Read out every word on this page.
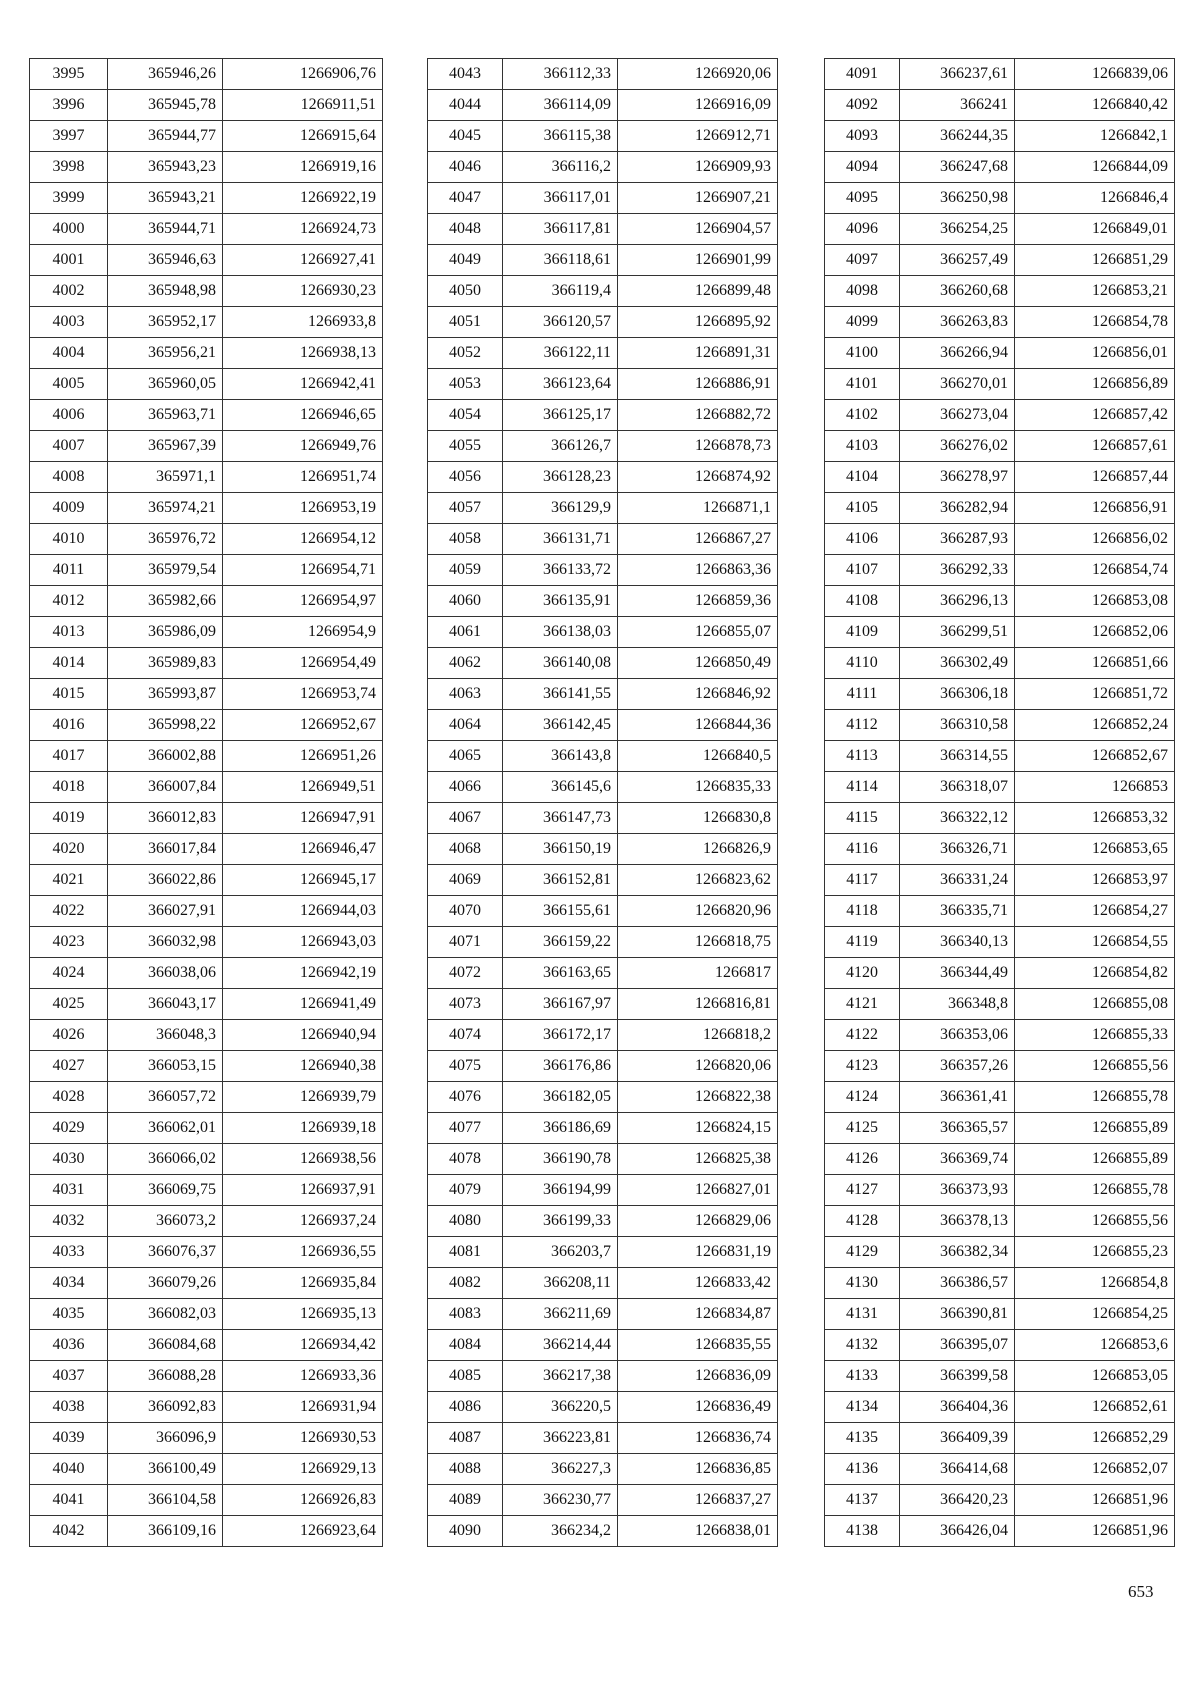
3995	365946,26	1266906,76
3996	365945,78	1266911,51
3997	365944,77	1266915,64
3998	365943,23	1266919,16
3999	365943,21	1266922,19
4000	365944,71	1266924,73
4001	365946,63	1266927,41
4002	365948,98	1266930,23
4003	365952,17	1266933,8
4004	365956,21	1266938,13
4005	365960,05	1266942,41
4006	365963,71	1266946,65
4007	365967,39	1266949,76
4008	365971,1	1266951,74
4009	365974,21	1266953,19
4010	365976,72	1266954,12
4011	365979,54	1266954,71
4012	365982,66	1266954,97
4013	365986,09	1266954,9
4014	365989,83	1266954,49
4015	365993,87	1266953,74
4016	365998,22	1266952,67
4017	366002,88	1266951,26
4018	366007,84	1266949,51
4019	366012,83	1266947,91
4020	366017,84	1266946,47
4021	366022,86	1266945,17
4022	366027,91	1266944,03
4023	366032,98	1266943,03
4024	366038,06	1266942,19
4025	366043,17	1266941,49
4026	366048,3	1266940,94
4027	366053,15	1266940,38
4028	366057,72	1266939,79
4029	366062,01	1266939,18
4030	366066,02	1266938,56
4031	366069,75	1266937,91
4032	366073,2	1266937,24
4033	366076,37	1266936,55
4034	366079,26	1266935,84
4035	366082,03	1266935,13
4036	366084,68	1266934,42
4037	366088,28	1266933,36
4038	366092,83	1266931,94
4039	366096,9	1266930,53
4040	366100,49	1266929,13
4041	366104,58	1266926,83
4042	366109,16	1266923,64
4043	366112,33	1266920,06
4044	366114,09	1266916,09
4045	366115,38	1266912,71
4046	366116,2	1266909,93
4047	366117,01	1266907,21
4048	366117,81	1266904,57
4049	366118,61	1266901,99
4050	366119,4	1266899,48
4051	366120,57	1266895,92
4052	366122,11	1266891,31
4053	366123,64	1266886,91
4054	366125,17	1266882,72
4055	366126,7	1266878,73
4056	366128,23	1266874,92
4057	366129,9	1266871,1
4058	366131,71	1266867,27
4059	366133,72	1266863,36
4060	366135,91	1266859,36
4061	366138,03	1266855,07
4062	366140,08	1266850,49
4063	366141,55	1266846,92
4064	366142,45	1266844,36
4065	366143,8	1266840,5
4066	366145,6	1266835,33
4067	366147,73	1266830,8
4068	366150,19	1266826,9
4069	366152,81	1266823,62
4070	366155,61	1266820,96
4071	366159,22	1266818,75
4072	366163,65	1266817
4073	366167,97	1266816,81
4074	366172,17	1266818,2
4075	366176,86	1266820,06
4076	366182,05	1266822,38
4077	366186,69	1266824,15
4078	366190,78	1266825,38
4079	366194,99	1266827,01
4080	366199,33	1266829,06
4081	366203,7	1266831,19
4082	366208,11	1266833,42
4083	366211,69	1266834,87
4084	366214,44	1266835,55
4085	366217,38	1266836,09
4086	366220,5	1266836,49
4087	366223,81	1266836,74
4088	366227,3	1266836,85
4089	366230,77	1266837,27
4090	366234,2	1266838,01
4091	366237,61	1266839,06
4092	366241	1266840,42
4093	366244,35	1266842,1
4094	366247,68	1266844,09
4095	366250,98	1266846,4
4096	366254,25	1266849,01
4097	366257,49	1266851,29
4098	366260,68	1266853,21
4099	366263,83	1266854,78
4100	366266,94	1266856,01
4101	366270,01	1266856,89
4102	366273,04	1266857,42
4103	366276,02	1266857,61
4104	366278,97	1266857,44
4105	366282,94	1266856,91
4106	366287,93	1266856,02
4107	366292,33	1266854,74
4108	366296,13	1266853,08
4109	366299,51	1266852,06
4110	366302,49	1266851,66
4111	366306,18	1266851,72
4112	366310,58	1266852,24
4113	366314,55	1266852,67
4114	366318,07	1266853
4115	366322,12	1266853,32
4116	366326,71	1266853,65
4117	366331,24	1266853,97
4118	366335,71	1266854,27
4119	366340,13	1266854,55
4120	366344,49	1266854,82
4121	366348,8	1266855,08
4122	366353,06	1266855,33
4123	366357,26	1266855,56
4124	366361,41	1266855,78
4125	366365,57	1266855,89
4126	366369,74	1266855,89
4127	366373,93	1266855,78
4128	366378,13	1266855,56
4129	366382,34	1266855,23
4130	366386,57	1266854,8
4131	366390,81	1266854,25
4132	366395,07	1266853,6
4133	366399,58	1266853,05
4134	366404,36	1266852,61
4135	366409,39	1266852,29
4136	366414,68	1266852,07
4137	366420,23	1266851,96
4138	366426,04	1266851,96
653
